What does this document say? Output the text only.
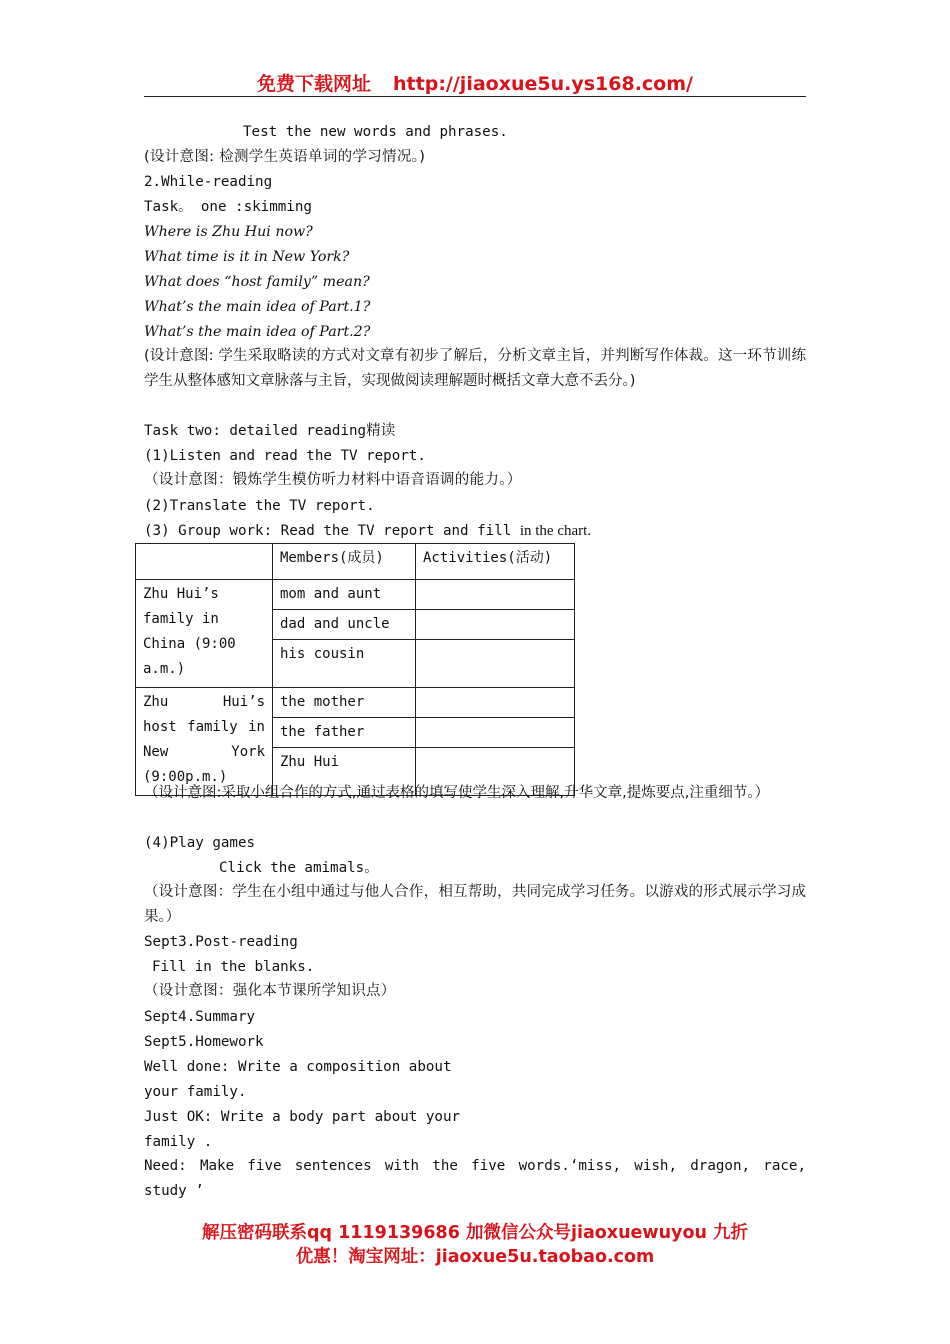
免费下载网址 http://jiaoxue5u.ys168.com/
Test the new words and phrases.
(设计意图: 检测学生英语单词的学习情况。)
2.While-reading
Task。 one :skimming
Where is Zhu Hui now?
What time is it in New York?
What does “host family” mean?
What’s the main idea of Part.1?
What’s the main idea of Part.2?
(设计意图: 学生采取略读的方式对文章有初步了解后，分析文章主旨，并判断写作体裁。这一环节训练学生从整体感知文章脉落与主旨，实现做阅读理解题时概括文章大意不丢分。)
Task two: detailed reading精读
(1)Listen and read the TV report.
（设计意图：锻炼学生模仿听力材料中语音语调的能力。）
(2)Translate the TV report.
(3) Group work: Read the TV report and fill in the chart.
	Members(成员)	Activities(活动)

Zhu Hui’s
family in
China (9:00
a.m.)	mom and aunt	
	dad and uncle	
	his cousin	

Zhu Hui’s
host family in
New York
(9:00p.m.)	the mother	
	the father	
	Zhu Hui	
（设计意图:采取小组合作的方式,通过表格的填写使学生深入理解,升华文章,提炼要点,注重细节。）
(4)Play games
Click the amimals。
（设计意图：学生在小组中通过与他人合作，相互帮助，共同完成学习任务。以游戏的形式展示学习成果。）
Sept3.Post-reading
Fill in the blanks.
（设计意图：强化本节课所学知识点）
Sept4.Summary
Sept5.Homework
Well done: Write a composition about
your family.
Just OK: Write a body part about your
family .
Need: Make five sentences with the five words.‘miss, wish, dragon, race,
study ’
解压密码联系qq 1119139686 加微信公众号jiaoxuewuyou 九折
优惠！淘宝网址：jiaoxue5u.taobao.com
